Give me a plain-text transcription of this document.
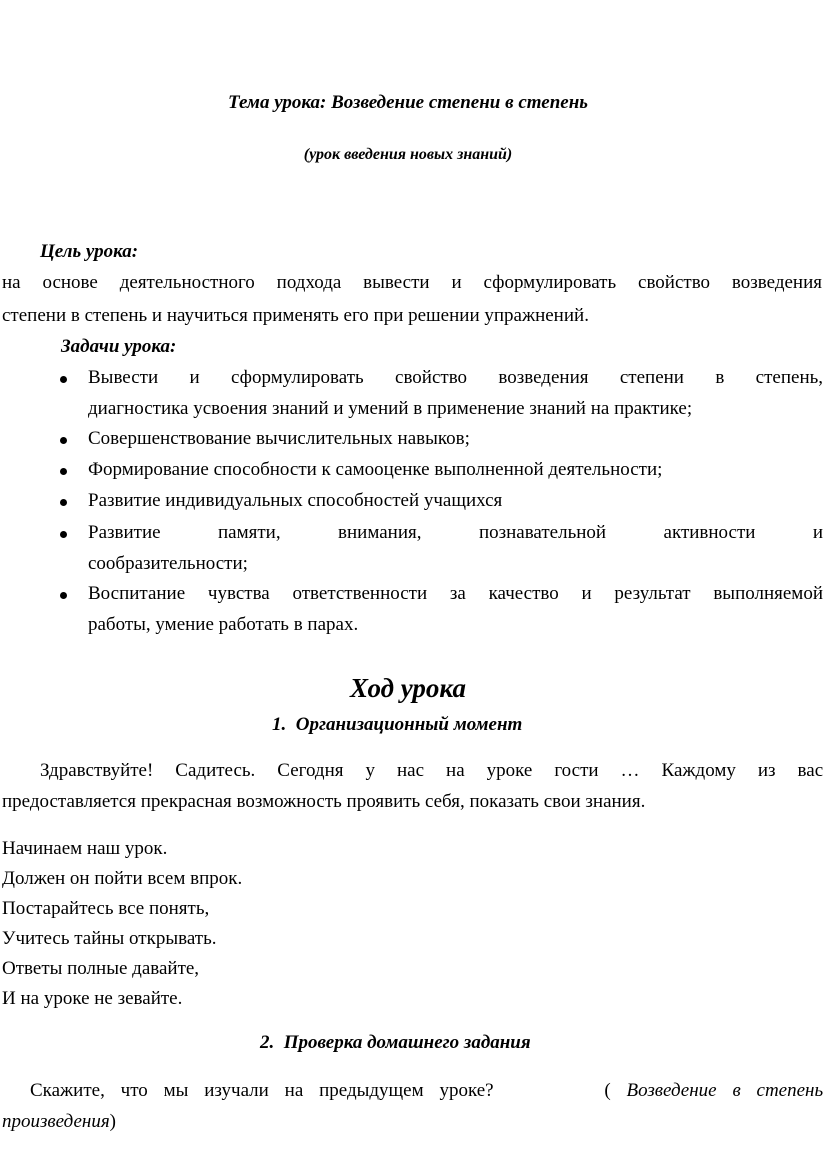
Тема урока: Возведение степени в степень
(урок введения новых знаний)
Цель урока:
на основе деятельностного подхода вывести и сформулировать свойство возведения
степени в степень и научиться применять его при решении упражнений.
Задачи урока:
Вывести и сформулировать свойство возведения степени в степень,
диагностика усвоения знаний и умений в применение знаний на практике;
Совершенствование вычислительных навыков;
Формирование способности к самооценке выполненной деятельности;
Развитие индивидуальных способностей учащихся
Развитие	памяти,	внимания,	познавательной	активности	и
сообразительности;
Воспитание чувства ответственности за качество и результат выполняемой
работы, умение работать в парах.
Ход урока
1. Организационный момент
Здравствуйте! Садитесь. Сегодня у нас на уроке гости … Каждому из вас
предоставляется прекрасная возможность проявить себя, показать свои знания.
Начинаем наш урок.
Должен он пойти всем впрок.
Постарайтесь все понять,
Учитесь тайны открывать.
Ответы полные давайте,
И на уроке не зевайте.
2. Проверка домашнего задания
Скажите, что мы изучали на предыдущем уроке?	( Возведение в степень
произведения)
